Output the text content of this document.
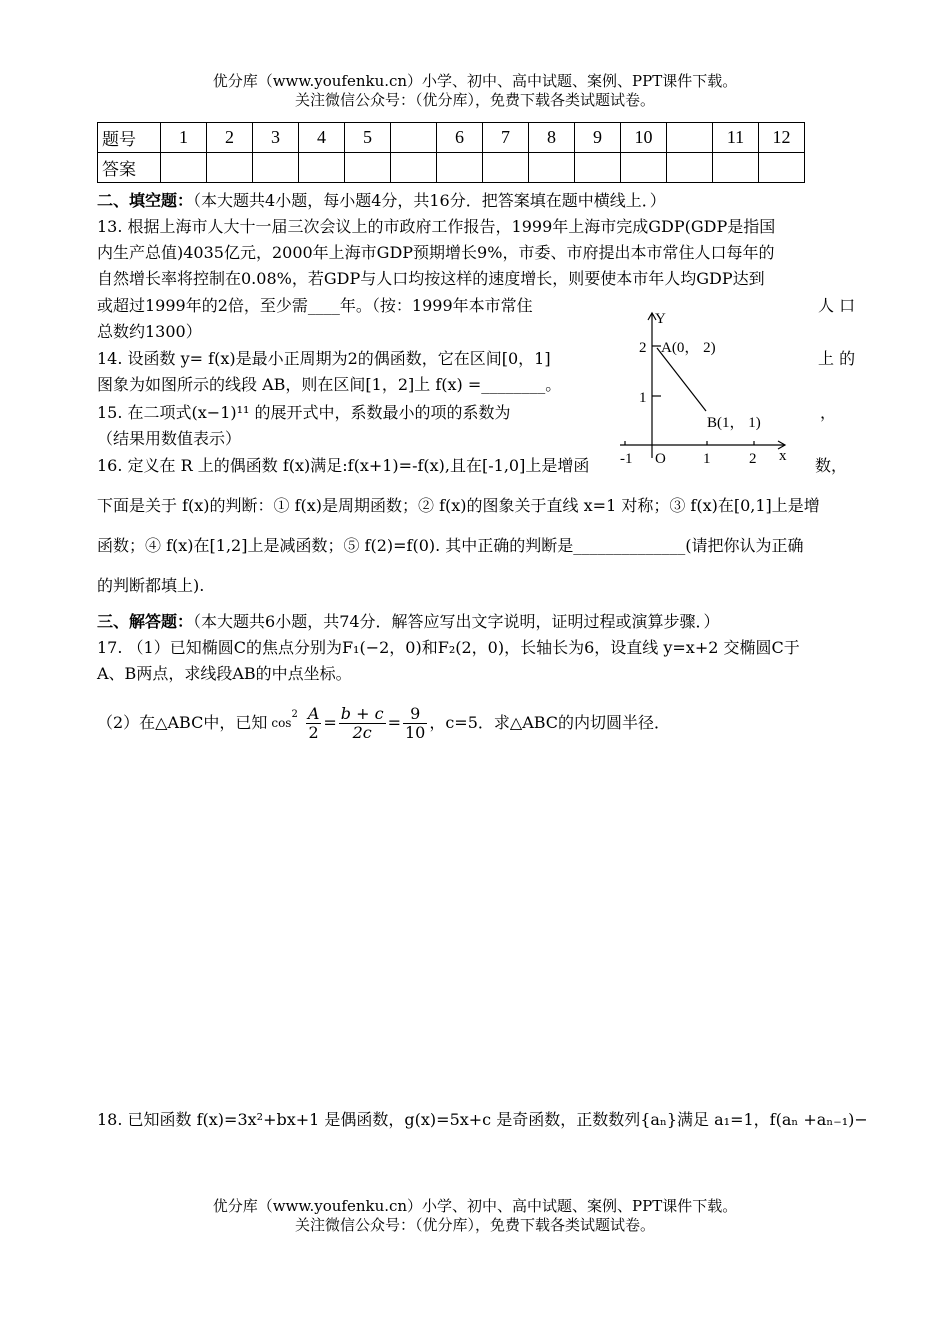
优分库（www.youfenku.cn）小学、初中、高中试题、案例、PPT课件下载。
关注微信公众号：（优分库），免费下载各类试题试卷。
题号	1	2	3	4	5		6	7	8	9	10		11	12
答案														
二、填空题：（本大题共4小题，每小题4分，共16分．把答案填在题中横线上．）
13. 根据上海市人大十一届三次会议上的市政府工作报告，1999年上海市完成GDP(GDP是指国
内生产总值)4035亿元，2000年上海市GDP预期增长9%，市委、市府提出本市常住人口每年的
自然增长率将控制在0.08%，若GDP与人口均按这样的速度增长，则要使本市年人均GDP达到
或超过1999年的2倍，至少需____年。（按：1999年本市常住	人 口
总数约1300）
14. 设函数 y= f(x)是最小正周期为2的偶函数，它在区间[0，1]	上 的
图象为如图所示的线段 AB，则在区间[1，2]上 f(x) =________。
15. 在二项式(x−1)¹¹ 的展开式中，系数最小的项的系数为	，
（结果用数值表示）
16. 定义在 R 上的偶函数 f(x)满足:f(x+1)=-f(x),且在[-1,0]上是增函	数，
下面是关于 f(x)的判断：① f(x)是周期函数；② f(x)的图象关于直线 x=1 对称；③ f(x)在[0,1]上是增
函数；④ f(x)在[1,2]上是减函数；⑤ f(2)=f(0). 其中正确的判断是______________(请把你认为正确
的判断都填上).
Y
x
A(0， 2)
B(1， 1)
-1 O 1	2
2
1
三、解答题：（本大题共6小题，共74分．解答应写出文字说明，证明过程或演算步骤．）
17. （1）已知椭圆C的焦点分别为F₁(−2，0)和F₂(2，0)，长轴长为6，设直线 y=x+2 交椭圆C于
A、B两点，求线段AB的中点坐标。
（2）在△ABC中，已知 cos
$^2 \frac{A}{2} = \frac{b + c}{2c} = \frac{9}{10}$ ，c=5．求△ABC的内切圆半径．
18. 已知函数 f(x)=3x²+bx+1 是偶函数，g(x)=5x+c 是奇函数，正数数列{aₙ}满足 a₁=1，f(aₙ +aₙ₋₁)−
优分库（www.youfenku.cn）小学、初中、高中试题、案例、PPT课件下载。
关注微信公众号：（优分库），免费下载各类试题试卷。
